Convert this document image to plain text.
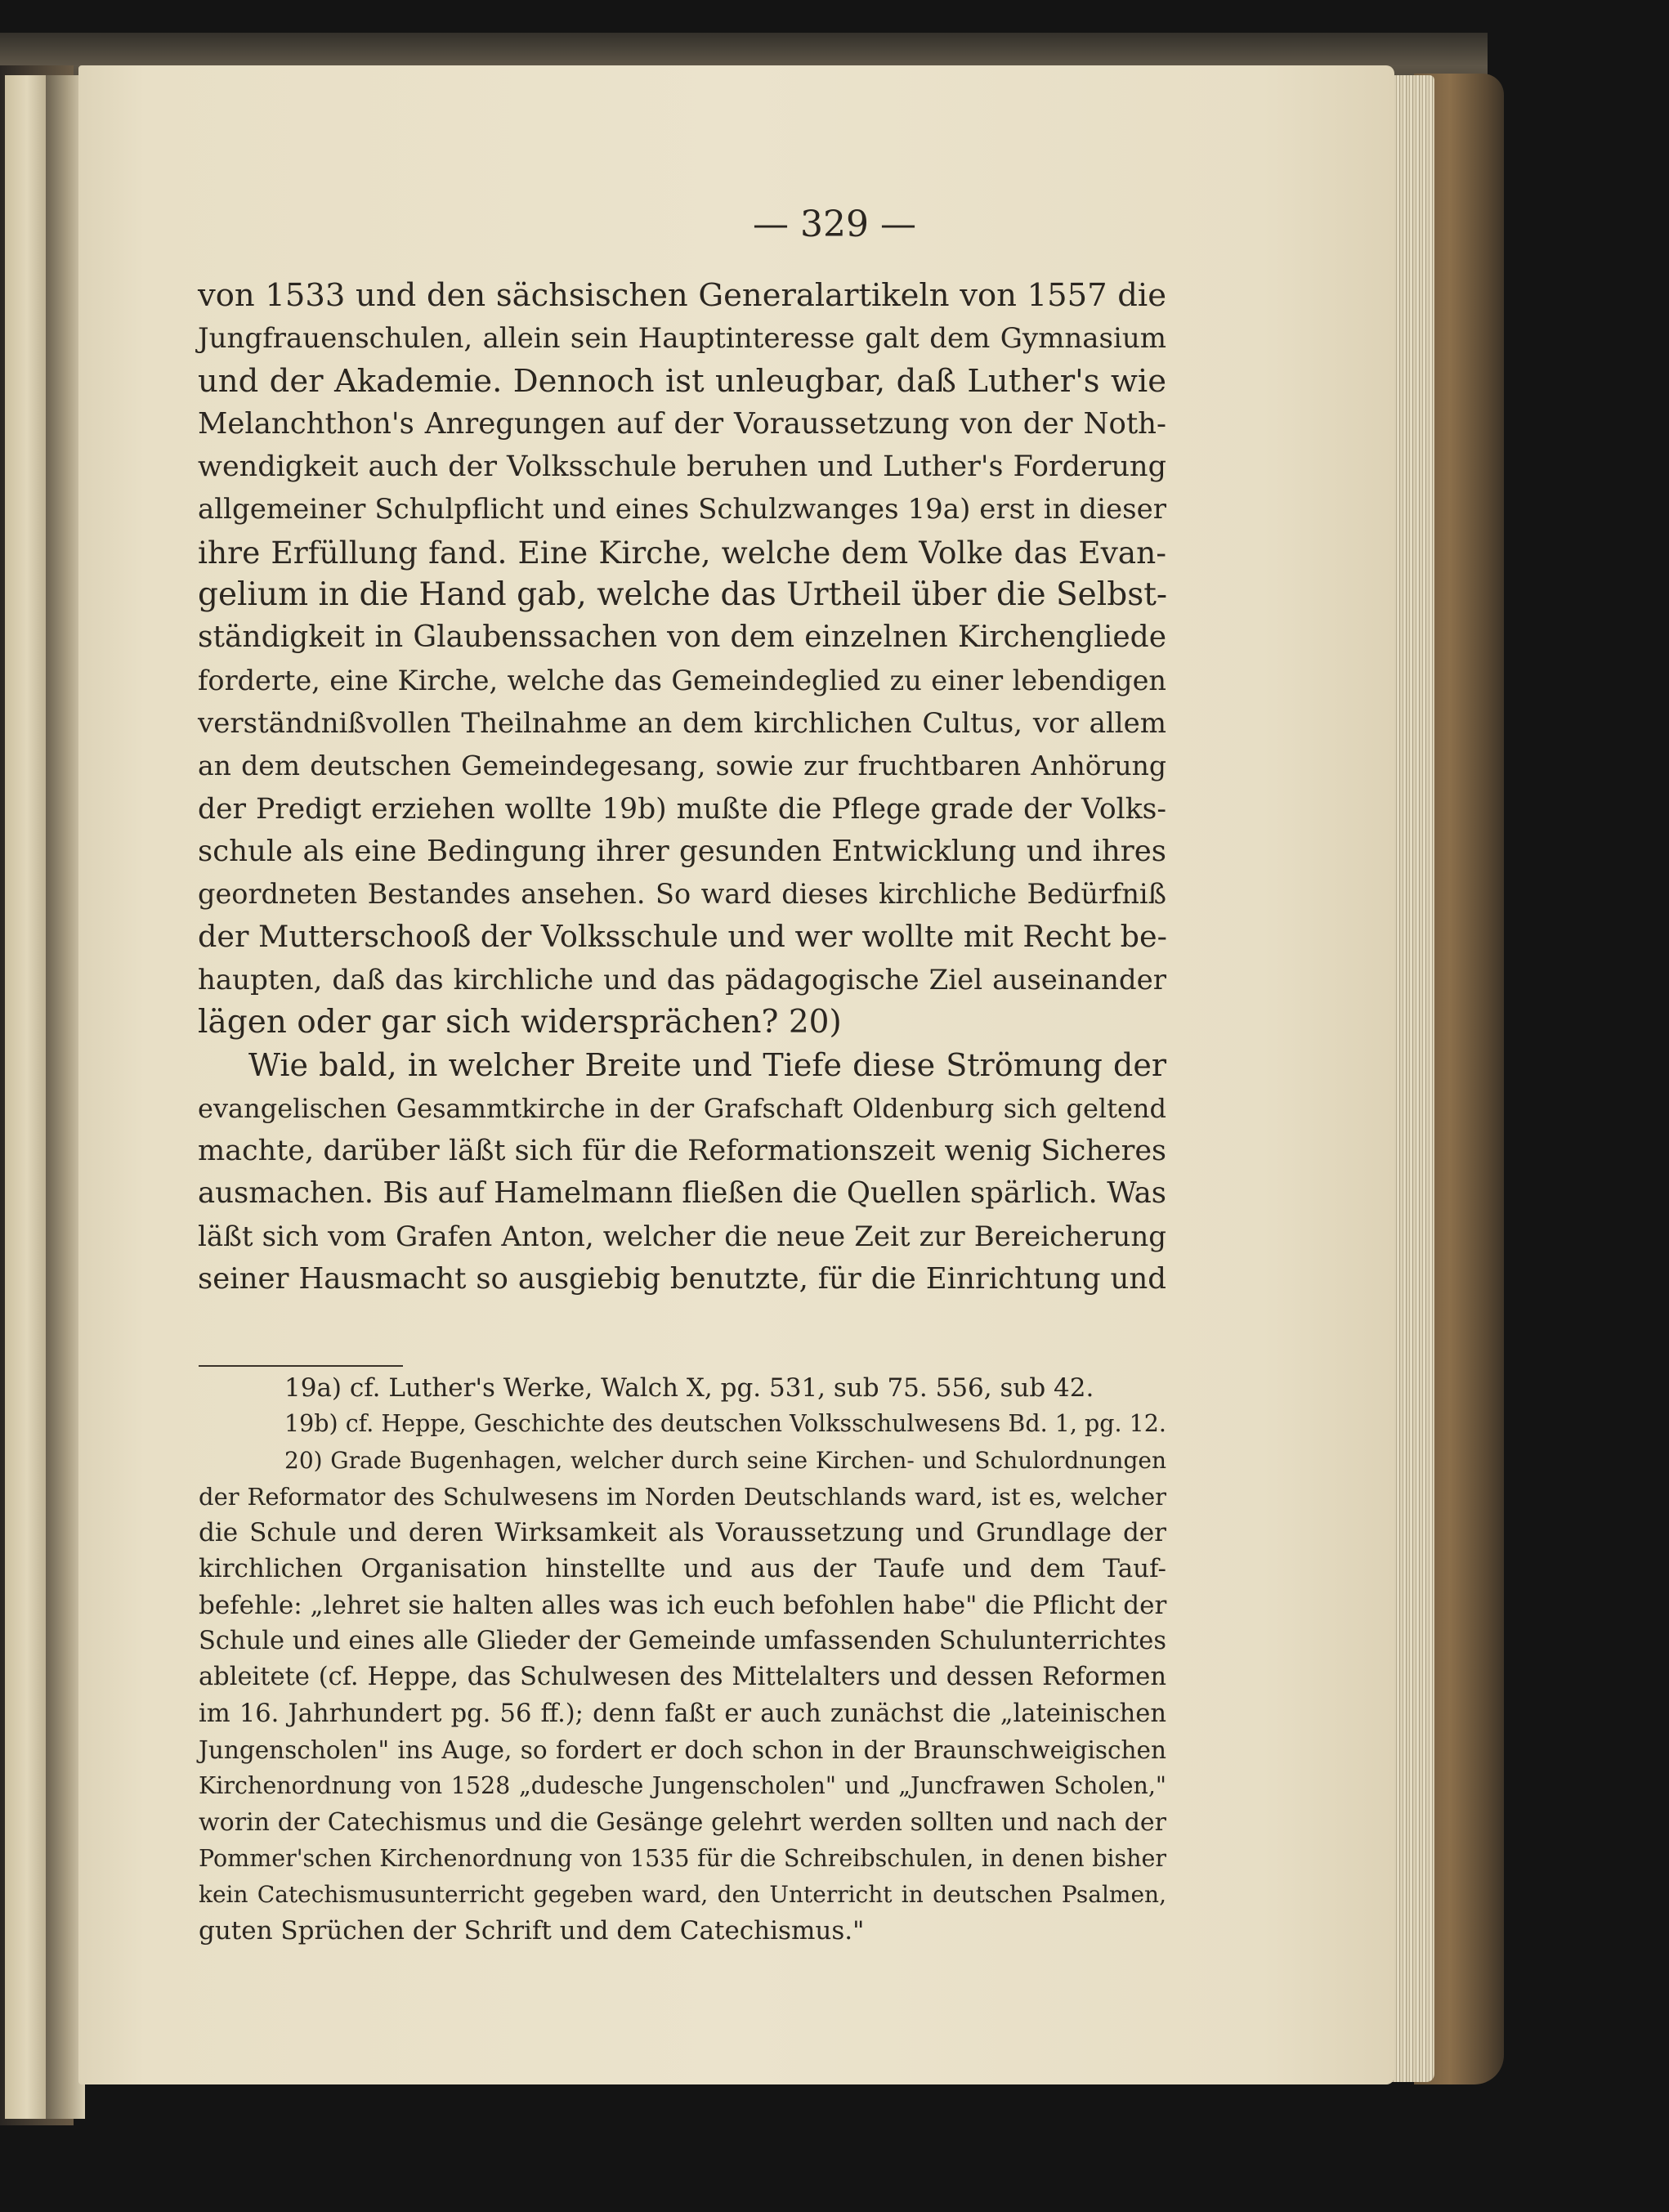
— 329 —
von 1533 und den sächsischen Generalartikeln von 1557 die
Jungfrauenschulen, allein sein Hauptinteresse galt dem Gymnasium
und der Akademie. Dennoch ist unleugbar, daß Luther's wie
Melanchthon's Anregungen auf der Voraussetzung von der Noth-
wendigkeit auch der Volksschule beruhen und Luther's Forderung
allgemeiner Schulpflicht und eines Schulzwanges 19a) erst in dieser
ihre Erfüllung fand. Eine Kirche, welche dem Volke das Evan-
gelium in die Hand gab, welche das Urtheil über die Selbst-
ständigkeit in Glaubenssachen von dem einzelnen Kirchengliede
forderte, eine Kirche, welche das Gemeindeglied zu einer lebendigen
verständnißvollen Theilnahme an dem kirchlichen Cultus, vor allem
an dem deutschen Gemeindegesang, sowie zur fruchtbaren Anhörung
der Predigt erziehen wollte 19b) mußte die Pflege grade der Volks-
schule als eine Bedingung ihrer gesunden Entwicklung und ihres
geordneten Bestandes ansehen. So ward dieses kirchliche Bedürfniß
der Mutterschooß der Volksschule und wer wollte mit Recht be-
haupten, daß das kirchliche und das pädagogische Ziel auseinander
lägen oder gar sich widersprächen? 20)
Wie bald, in welcher Breite und Tiefe diese Strömung der
evangelischen Gesammtkirche in der Grafschaft Oldenburg sich geltend
machte, darüber läßt sich für die Reformationszeit wenig Sicheres
ausmachen. Bis auf Hamelmann fließen die Quellen spärlich. Was
läßt sich vom Grafen Anton, welcher die neue Zeit zur Bereicherung
seiner Hausmacht so ausgiebig benutzte, für die Einrichtung und
19a) cf. Luther's Werke, Walch X, pg. 531, sub 75. 556, sub 42.
19b) cf. Heppe, Geschichte des deutschen Volksschulwesens Bd. 1, pg. 12.
20) Grade Bugenhagen, welcher durch seine Kirchen- und Schulordnungen
der Reformator des Schulwesens im Norden Deutschlands ward, ist es, welcher
die Schule und deren Wirksamkeit als Voraussetzung und Grundlage der
kirchlichen Organisation hinstellte und aus der Taufe und dem Tauf-
befehle: „lehret sie halten alles was ich euch befohlen habe" die Pflicht der
Schule und eines alle Glieder der Gemeinde umfassenden Schulunterrichtes
ableitete (cf. Heppe, das Schulwesen des Mittelalters und dessen Reformen
im 16. Jahrhundert pg. 56 ff.); denn faßt er auch zunächst die „lateinischen
Jungenscholen" ins Auge, so fordert er doch schon in der Braunschweigischen
Kirchenordnung von 1528 „dudesche Jungenscholen" und „Juncfrawen Scholen,"
worin der Catechismus und die Gesänge gelehrt werden sollten und nach der
Pommer'schen Kirchenordnung von 1535 für die Schreibschulen, in denen bisher
kein Catechismusunterricht gegeben ward, den Unterricht in deutschen Psalmen,
guten Sprüchen der Schrift und dem Catechismus."
